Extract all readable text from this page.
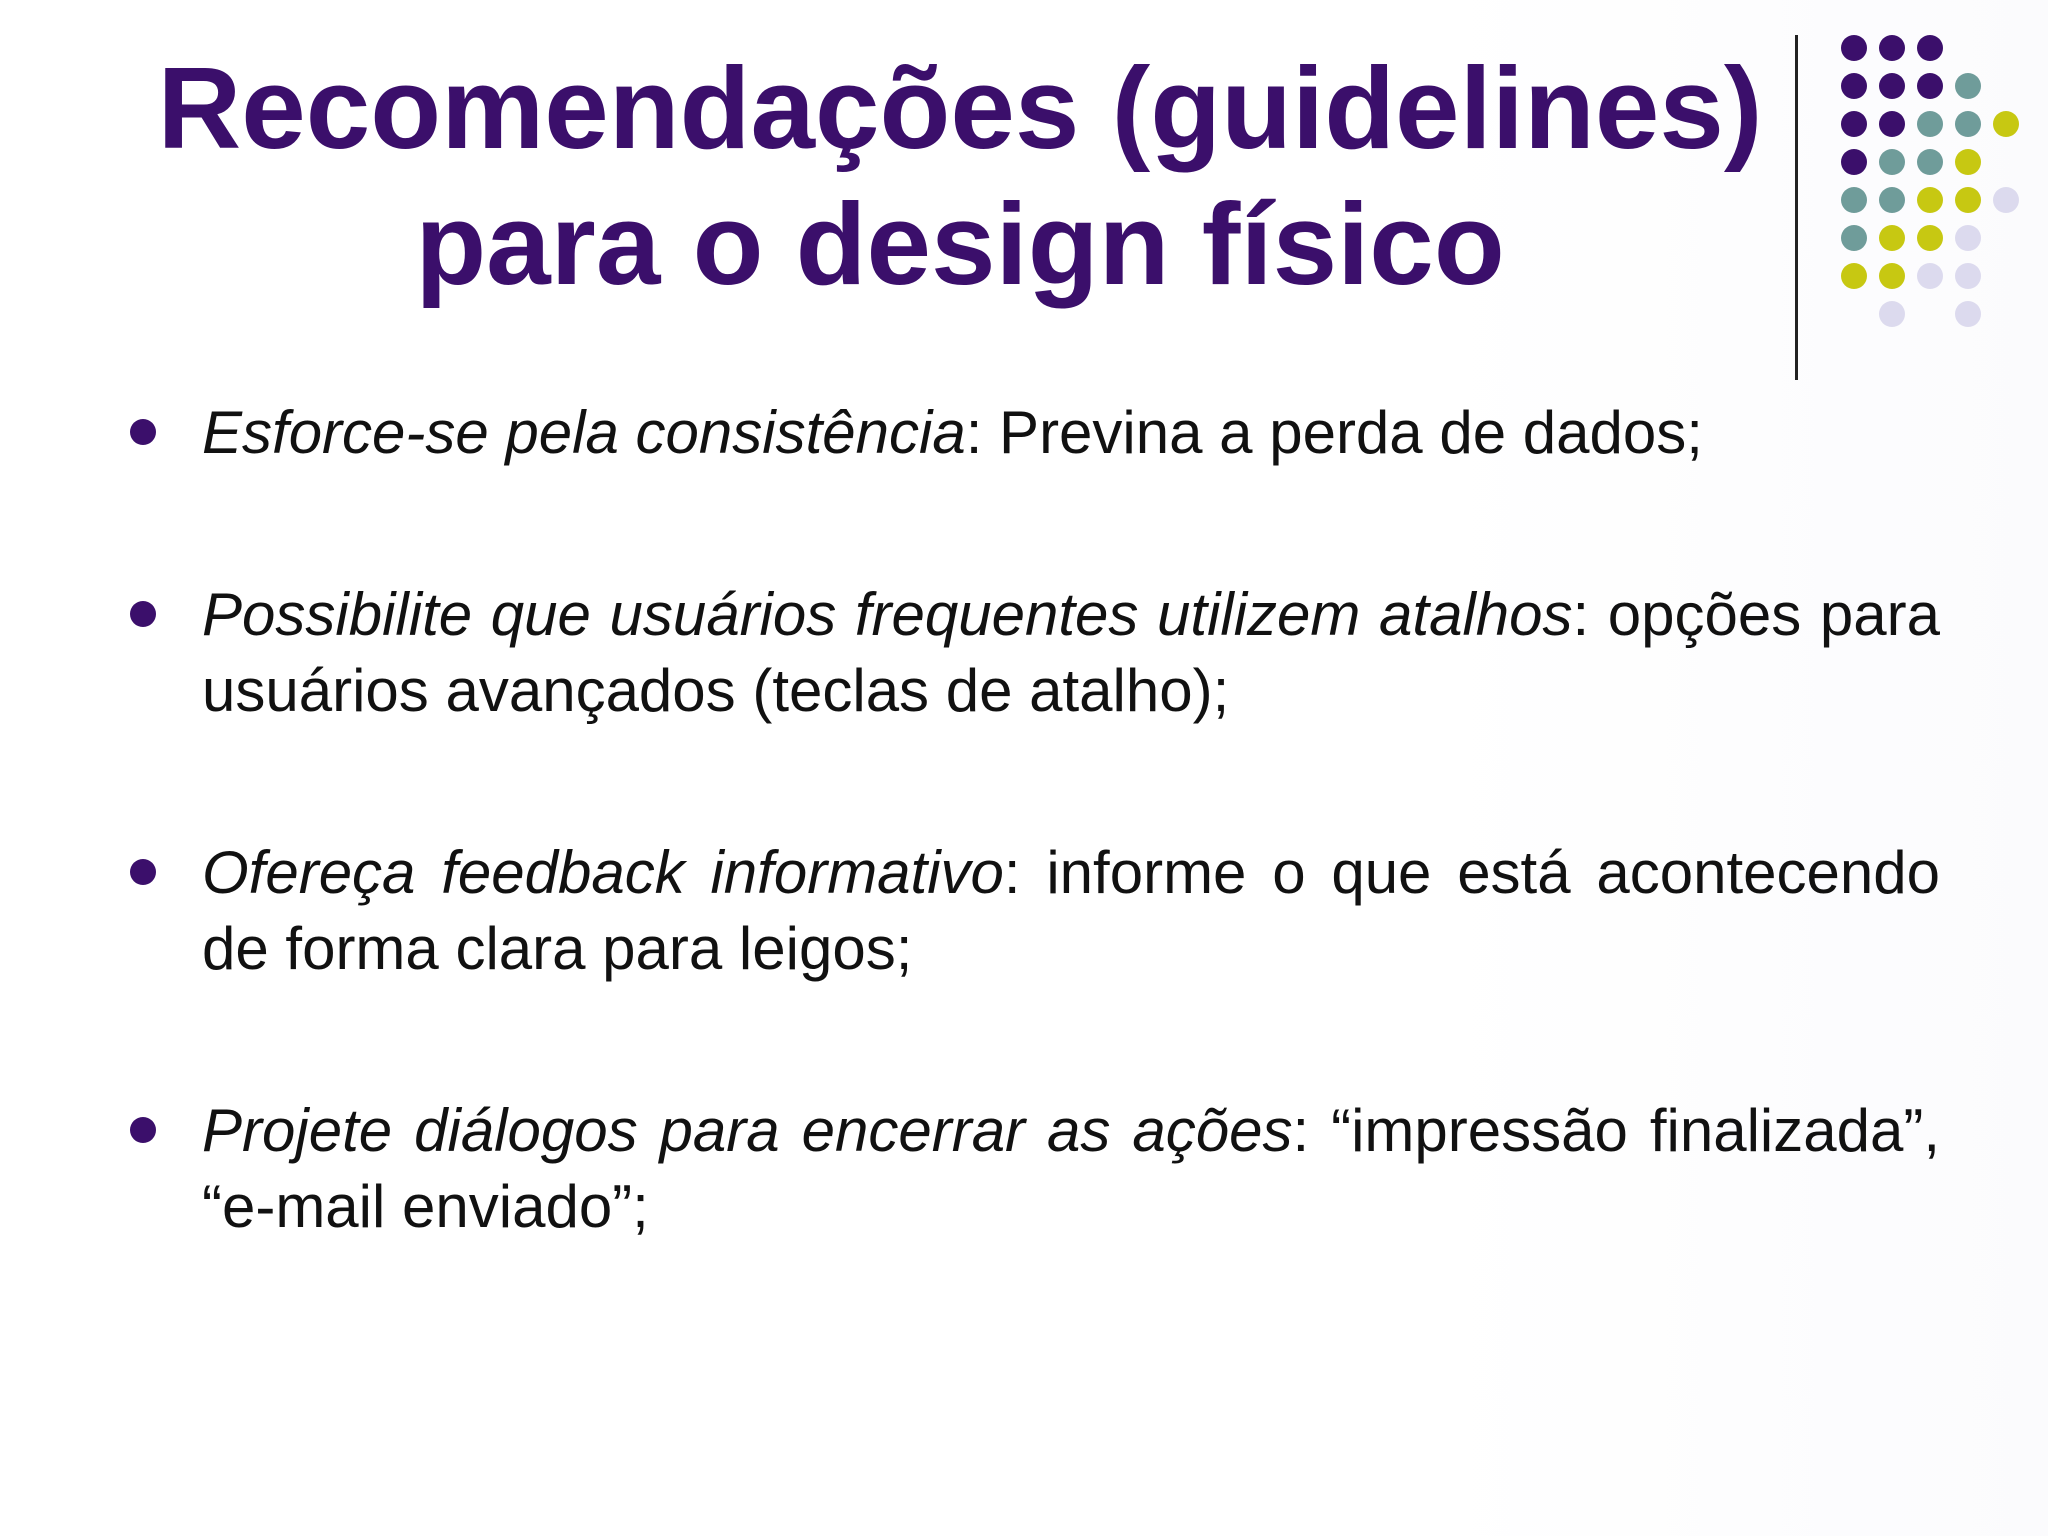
Recomendações (guidelines)
para o design físico
Esforce-se pela consistência: Previna a perda de dados;
Possibilite que usuários frequentes utilizem atalhos: opções para usuários avançados (teclas de atalho);
Ofereça feedback informativo: informe o que está acontecendo de forma clara para leigos;
Projete diálogos para encerrar as ações: “impressão finalizada”, “e-mail enviado”;
